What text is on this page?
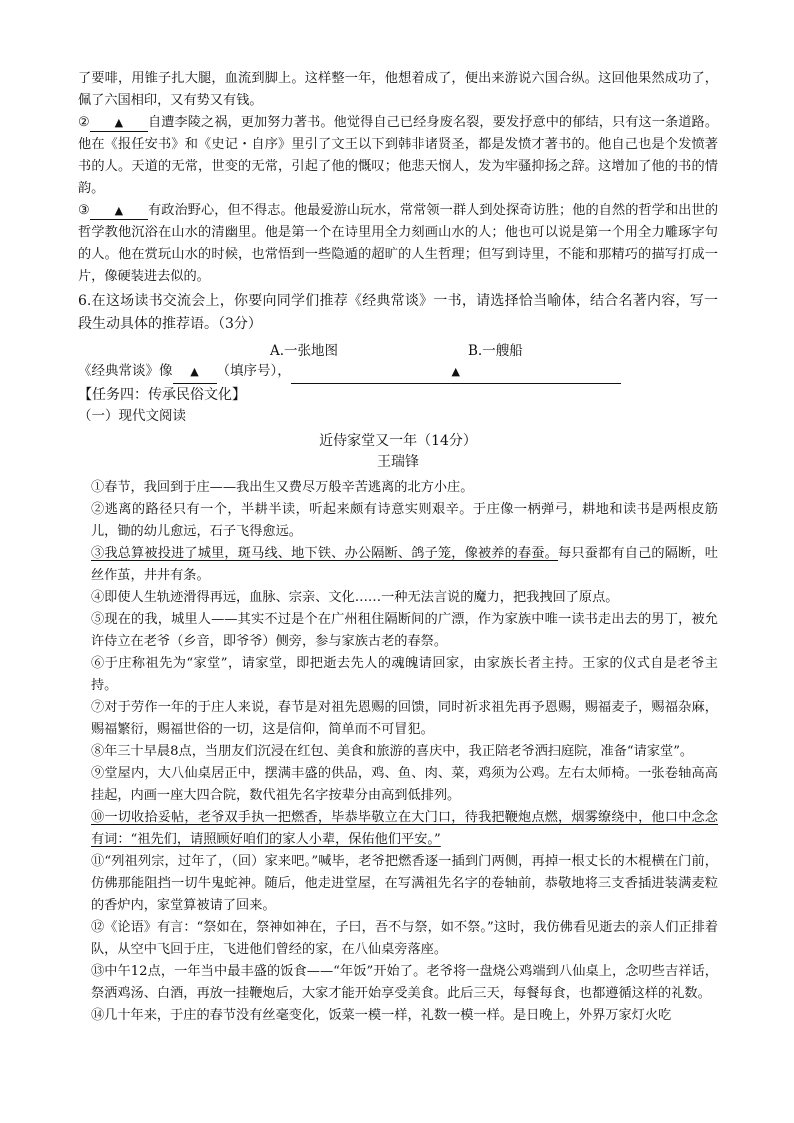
了要啡，用锥子扎大腿，血流到脚上。这样整一年，他想着成了，便出来游说六国合纵。这回他果然成功了，佩了六国相印，又有势又有钱。

② ▲ 自遭李陵之祸，更加努力著书。他觉得自己已经身废名裂，要发抒意中的郁结，只有这一条道路。他在《报任安书》和《史记・自序》里引了文王以下到韩非诸贤圣，都是发愤才著书的。他自己也是个发愤著书的人。天道的无常，世变的无常，引起了他的慨叹；他悲天悯人，发为牢骚抑扬之辞。这增加了他的书的情韵。

③ ▲ 有政治野心，但不得志。他最爱游山玩水，常常领一群人到处探奇访胜；他的自然的哲学和出世的哲学教他沉浴在山水的清幽里。他是第一个在诗里用全力刻画山水的人；他也可以说是第一个用全力雕琢字句的人。他在赏玩山水的时候，也常悟到一些隐遁的超旷的人生哲理；但写到诗里，不能和那精巧的描写打成一片，像硬装进去似的。

6.在这场读书交流会上，你要向同学们推荐《经典常谈》一书，请选择恰当喻体，结合名著内容，写一段生动具体的推荐语。（3分）

A.一张地图	B.一艘船
《经典常谈》像 ▲ （填序号），	▲

【任务四：传承民俗文化】

（一）现代文阅读

近侍家堂又一年（14分）

王瑞锋

①春节，我回到于庄——我出生又费尽万般辛苦逃离的北方小庄。

②逃离的路径只有一个，半耕半读，听起来颇有诗意实则艰辛。于庄像一柄弹弓，耕地和读书是两根皮筋儿，锄的幼儿愈远，石子飞得愈远。

③我总算被投进了城里，斑马线、地下铁、办公隔断、鸽子笼，像被养的春蚕。每只蚕都有自己的隔断，吐丝作茧，井井有条。

④即使人生轨迹滑得再远，血脉、宗亲、文化……一种无法言说的魔力，把我拽回了原点。

⑤现在的我，城里人——其实不过是个在广州租住隔断间的广漂，作为家族中唯一读书走出去的男丁，被允许侍立在老爷（乡音，即爷爷）侧旁，参与家族古老的春祭。

⑥于庄称祖先为“家堂”，请家堂，即把逝去先人的魂魄请回家，由家族长者主持。王家的仪式自是老爷主持。

⑦对于劳作一年的于庄人来说，春节是对祖先恩赐的回馈，同时祈求祖先再予恩赐，赐福麦子，赐福杂麻，赐福繁衍，赐福世俗的一切，这是信仰，简单而不可冒犯。

⑧年三十早晨8点，当朋友们沉浸在红包、美食和旅游的喜庆中，我正陪老爷洒扫庭院，准备“请家堂”。

⑨堂屋内，大八仙桌居正中，摆满丰盛的供品，鸡、鱼、肉、菜，鸡须为公鸡。左右太师椅。一张卷轴高高挂起，内画一座大四合院，数代祖先名字按辈分由高到低排列。

⑩一切收拾妥帖，老爷双手执一把燃香，毕恭毕敬立在大门口，待我把鞭炮点燃，烟雾缭绕中，他口中念念有词：“祖先们，请照顾好咱们的家人小辈，保佑他们平安。”

⑪“列祖列宗，过年了，（回）家来吧。”喊毕，老爷把燃香逐一插到门两侧，再掉一根丈长的木棍横在门前，仿佛那能阻挡一切牛鬼蛇神。随后，他走进堂屋，在写满祖先名字的卷轴前，恭敬地将三支香插进装满麦粒的香炉内，家堂算被请了回来。

⑫《论语》有言：“祭如在，祭神如神在，子曰，吾不与祭，如不祭。”这时，我仿佛看见逝去的亲人们正排着队，从空中飞回于庄，飞进他们曾经的家，在八仙桌旁落座。

⑬中午12点，一年当中最丰盛的饭食——“年饭”开始了。老爷将一盘烧公鸡端到八仙桌上，念叨些吉祥话，祭洒鸡汤、白酒，再放一挂鞭炮后，大家才能开始享受美食。此后三天，每餐每食，也都遵循这样的礼数。

⑭几十年来，于庄的春节没有丝毫变化，饭菜一模一样，礼数一模一样。是日晚上，外界万家灯火吃
